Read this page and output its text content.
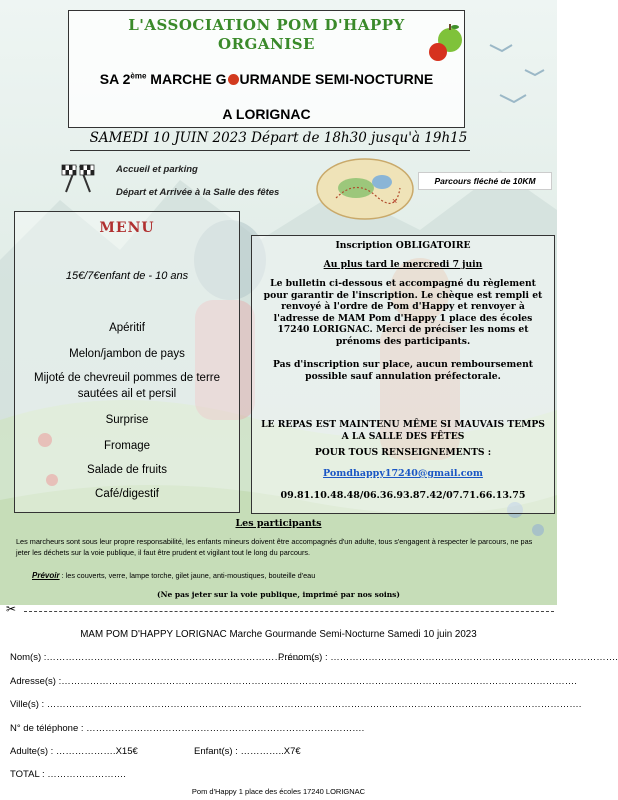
L'ASSOCIATION POM D'HAPPY
ORGANISE
SA 2ème MARCHE G URMANDE SEMI-NOCTURNE
A LORIGNAC
SAMEDI 10 JUIN 2023 Départ de 18h30 jusqu'à 19h15
Accueil et parking
Départ et Arrivée à la Salle des fêtes
×
Parcours fléché de 10KM
MENU
15€/7€enfant de - 10 ans
Apéritif
Melon/jambon de pays
Mijoté de chevreuil pommes de terre sautées ail et persil
Surprise
Fromage
Salade de fruits
Café/digestif
Inscription OBLIGATOIRE
Au plus tard le mercredi 7 juin
Le bulletin ci-dessous et accompagné du règlement pour garantir de l'inscription. Le chèque est rempli et renvoyé à l'ordre de Pom d'Happy et renvoyer à l'adresse de MAM Pom d'Happy 1 place des écoles 17240 LORIGNAC. Merci de préciser les noms et prénoms des participants.
Pas d'inscription sur place, aucun remboursement possible sauf annulation préfectorale.
LE REPAS EST MAINTENU MÊME SI MAUVAIS TEMPS A LA SALLE DES FÊTES
POUR TOUS RENSEIGNEMENTS :
Pomdhappy17240@gmail.com
09.81.10.48.48/06.36.93.87.42/07.71.66.13.75
Les participants
Les marcheurs sont sous leur propre responsabilité, les enfants mineurs doivent être accompagnés d'un adulte, tous s'engagent à respecter le parcours, ne pas jeter les déchets sur la voie publique, il faut être prudent et vigilant tout le long du parcours.
Prévoir : les couverts, verre, lampe torche, gilet jaune, anti-moustiques, bouteille d'eau
(Ne pas jeter sur la voie publique, imprimé par nos soins)
✂
MAM POM D'HAPPY LORIGNAC Marche Gourmande Semi-Nocturne Samedi 10 juin 2023
Nom(s) :………………………………………………………………………….
Prénom(s) : ……………………………………………………………………………….
Adresse(s) :……………………………………………………………………………………………………………………………………………….
Ville(s) : …………………………………………………………………………………………………………………………………………………….
N° de téléphone : …………………………………………………………………………….
Adulte(s) : ……………….X15€	Enfant(s) : …………..X7€
TOTAL : …………………….
Pom d'Happy 1 place des écoles 17240 LORIGNAC
